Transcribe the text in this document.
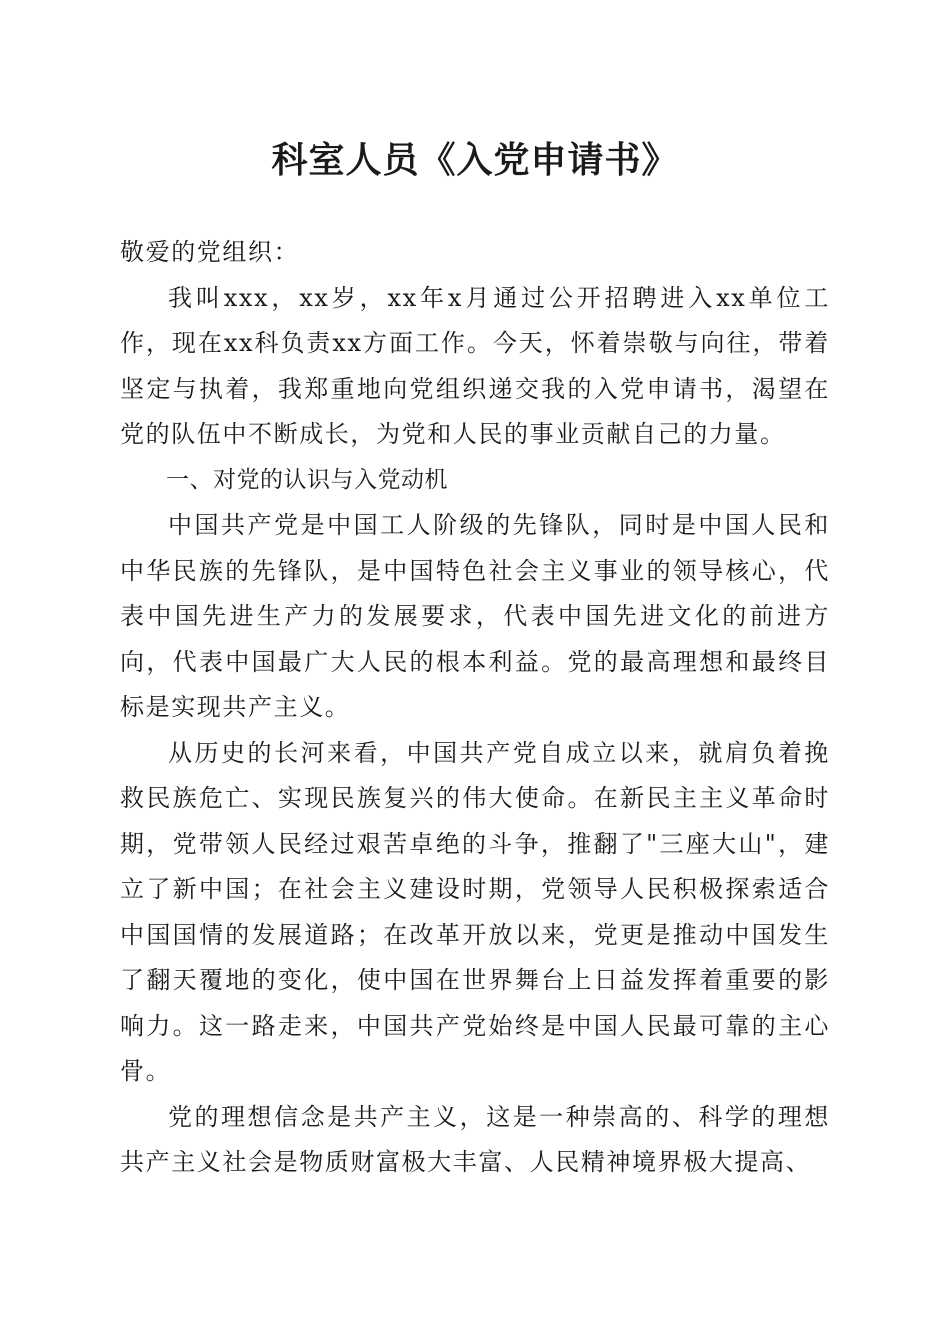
科室人员《入党申请书》

敬爱的党组织：

我叫xxx，xx岁，xx年x月通过公开招聘进入xx单位工作，现在xx科负责xx方面工作。今天，怀着崇敬与向往，带着坚定与执着，我郑重地向党组织递交我的入党申请书，渴望在党的队伍中不断成长，为党和人民的事业贡献自己的力量。

一、对党的认识与入党动机

中国共产党是中国工人阶级的先锋队，同时是中国人民和中华民族的先锋队，是中国特色社会主义事业的领导核心，代表中国先进生产力的发展要求，代表中国先进文化的前进方向，代表中国最广大人民的根本利益。党的最高理想和最终目标是实现共产主义。

从历史的长河来看，中国共产党自成立以来，就肩负着挽救民族危亡、实现民族复兴的伟大使命。在新民主主义革命时期，党带领人民经过艰苦卓绝的斗争，推翻了"三座大山"，建立了新中国；在社会主义建设时期，党领导人民积极探索适合中国国情的发展道路；在改革开放以来，党更是推动中国发生了翻天覆地的变化，使中国在世界舞台上日益发挥着重要的影响力。这一路走来，中国共产党始终是中国人民最可靠的主心骨。

党的理想信念是共产主义，这是一种崇高的、科学的理想共产主义社会是物质财富极大丰富、人民精神境界极大提高、
